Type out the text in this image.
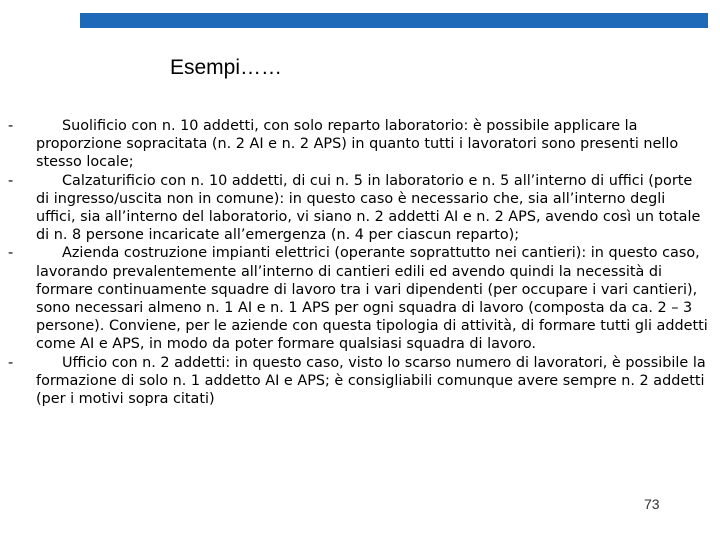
Esempi……
-	Suolificio con n. 10 addetti, con solo reparto laboratorio: è possibile applicare la proporzione sopracitata (n. 2 AI e n. 2 APS) in quanto tutti i lavoratori sono presenti nello stesso locale;
-	Calzaturificio con n. 10 addetti, di cui n. 5 in laboratorio e n. 5 all’interno di uffici (porte di ingresso/uscita non in comune): in questo caso è necessario che, sia all’interno degli uffici, sia all’interno del laboratorio, vi siano n. 2 addetti AI e n. 2 APS, avendo così un totale di n. 8 persone incaricate all’emergenza (n. 4 per ciascun reparto);
-	Azienda costruzione impianti elettrici (operante soprattutto nei cantieri): in questo caso, lavorando prevalentemente all’interno di cantieri edili ed avendo quindi la necessità di formare continuamente squadre di lavoro tra i vari dipendenti (per occupare i vari cantieri), sono necessari almeno n. 1 AI e n. 1 APS per ogni squadra di lavoro (composta da ca. 2 – 3 persone). Conviene, per le aziende con questa tipologia di attività, di formare tutti gli addetti come AI e APS, in modo da poter formare qualsiasi squadra di lavoro.
-	Ufficio con n. 2 addetti: in questo caso, visto lo scarso numero di lavoratori, è possibile la formazione di solo n. 1 addetto AI e APS; è consigliabili comunque avere sempre n. 2 addetti (per i motivi sopra citati)
73
